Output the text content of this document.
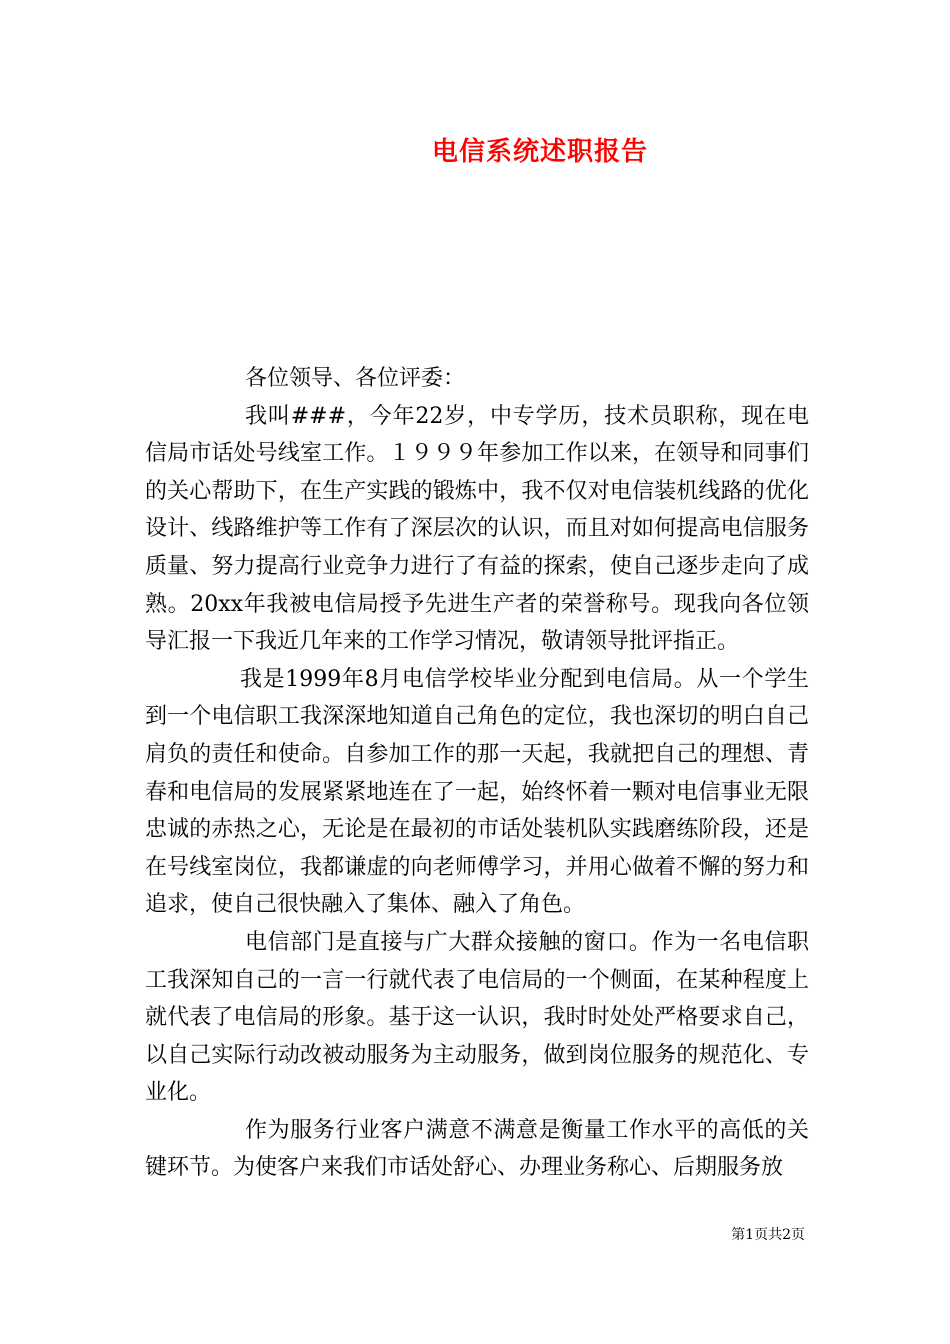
电信系统述职报告

各位领导、各位评委：

我叫###，今年22岁，中专学历，技术员职称，现在电信局市话处号线室工作。１９９９年参加工作以来，在领导和同事们的关心帮助下，在生产实践的锻炼中，我不仅对电信装机线路的优化设计、线路维护等工作有了深层次的认识，而且对如何提高电信服务质量、努力提高行业竞争力进行了有益的探索，使自己逐步走向了成熟。20xx年我被电信局授予先进生产者的荣誉称号。现我向各位领导汇报一下我近几年来的工作学习情况，敬请领导批评指正。

我是1999年8月电信学校毕业分配到电信局。从一个学生到一个电信职工我深深地知道自己角色的定位，我也深切的明白自己肩负的责任和使命。自参加工作的那一天起，我就把自己的理想、青春和电信局的发展紧紧地连在了一起，始终怀着一颗对电信事业无限忠诚的赤热之心，无论是在最初的市话处装机队实践磨练阶段，还是在号线室岗位，我都谦虚的向老师傅学习，并用心做着不懈的努力和追求，使自己很快融入了集体、融入了角色。

电信部门是直接与广大群众接触的窗口。作为一名电信职工我深知自己的一言一行就代表了电信局的一个侧面，在某种程度上就代表了电信局的形象。基于这一认识，我时时处处严格要求自己，以自己实际行动改被动服务为主动服务，做到岗位服务的规范化、专业化。

作为服务行业客户满意不满意是衡量工作水平的高低的关键环节。为使客户来我们市话处舒心、办理业务称心、后期服务放

第1页共2页
